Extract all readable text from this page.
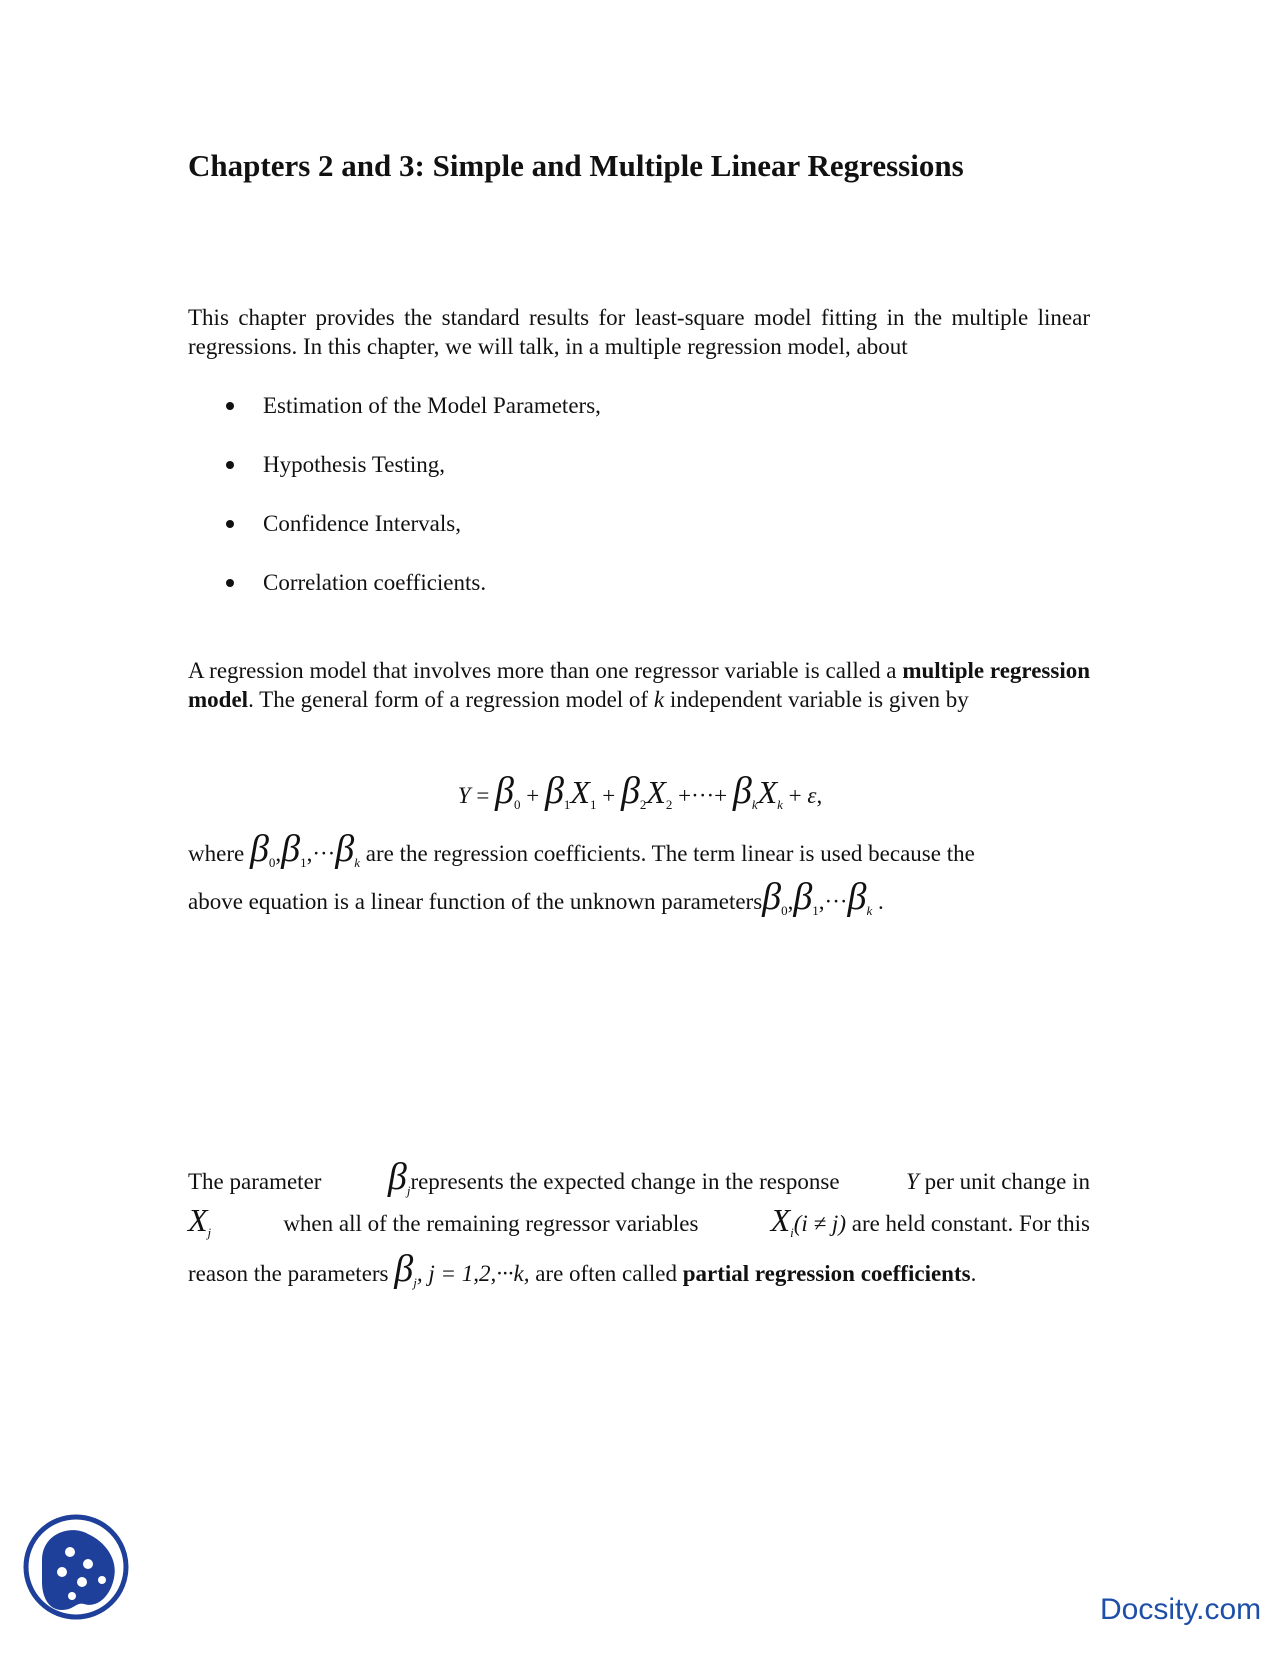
Chapters 2 and 3: Simple and Multiple Linear Regressions

This chapter provides the standard results for least-square model fitting in the multiple linear regressions. In this chapter, we will talk, in a multiple regression model, about

Estimation of the Model Parameters,
Hypothesis Testing,
Confidence Intervals,
Correlation coefficients.

A regression model that involves more than one regressor variable is called a multiple regression model. The general form of a regression model of k independent variable is given by

$Y = \beta_0 + \beta_1X_1 + \beta_2X_2$ +···+ $\beta_kX_k + \varepsilon$,
where $\beta_0,\beta_1,\cdot\cdot\cdot\beta_k$ are the regression coefficients. The term linear is used because the
above equation is a linear function of the unknown $parameters\beta_0,\beta_1,\cdot\cdot\cdot\beta_k$ .
The parameter $\beta_jrepresents$ the expected change in the response	Y per unit change in
$X_j$	when all of the remaining regressor variables $X_i(i \ne j)$ are held constant. For this
reason the parameters $\beta_j$, j = 1,2,···k, are often called partial regression coefficients.
Docsity.com
